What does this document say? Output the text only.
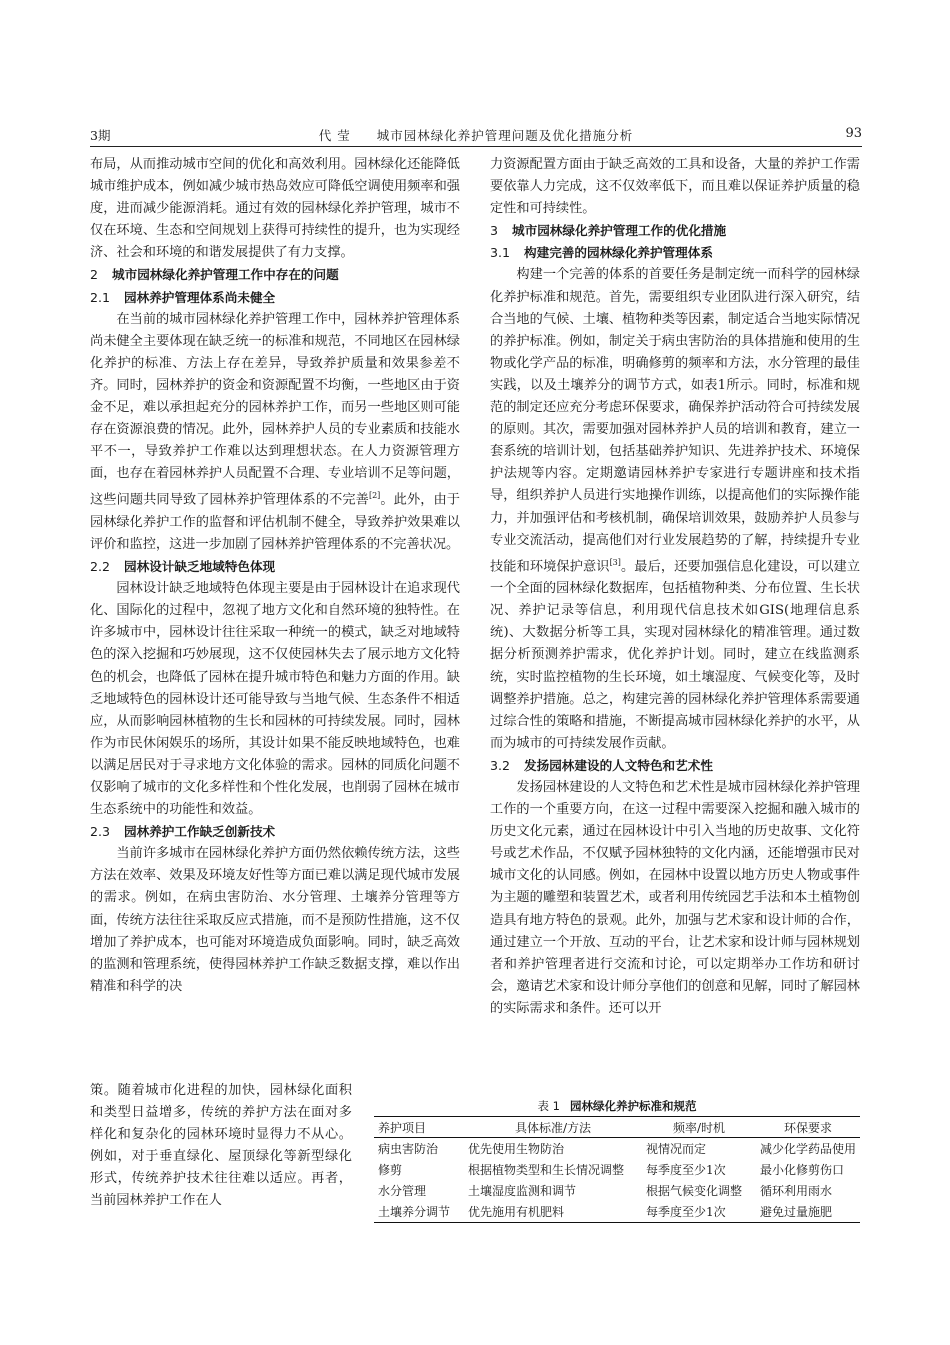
3期	代 莹 城市园林绿化养护管理问题及优化措施分析	93

布局，从而推动城市空间的优化和高效利用。园林绿化还能降低城市维护成本，例如减少城市热岛效应可降低空调使用频率和强度，进而减少能源消耗。通过有效的园林绿化养护管理，城市不仅在环境、生态和空间规划上获得可持续性的提升，也为实现经济、社会和环境的和谐发展提供了有力支撑。

2 城市园林绿化养护管理工作中存在的问题
2.1 园林养护管理体系尚未健全

在当前的城市园林绿化养护管理工作中，园林养护管理体系尚未健全主要体现在缺乏统一的标准和规范，不同地区在园林绿化养护的标准、方法上存在差异，导致养护质量和效果参差不齐。同时，园林养护的资金和资源配置不均衡，一些地区由于资金不足，难以承担起充分的园林养护工作，而另一些地区则可能存在资源浪费的情况。此外，园林养护人员的专业素质和技能水平不一，导致养护工作难以达到理想状态。在人力资源管理方面，也存在着园林养护人员配置不合理、专业培训不足等问题，这些问题共同导致了园林养护管理体系的不完善[2]。此外，由于园林绿化养护工作的监督和评估机制不健全，导致养护效果难以评价和监控，这进一步加剧了园林养护管理体系的不完善状况。

2.2 园林设计缺乏地域特色体现

园林设计缺乏地域特色体现主要是由于园林设计在追求现代化、国际化的过程中，忽视了地方文化和自然环境的独特性。在许多城市中，园林设计往往采取一种统一的模式，缺乏对地域特色的深入挖掘和巧妙展现，这不仅使园林失去了展示地方文化特色的机会，也降低了园林在提升城市特色和魅力方面的作用。缺乏地域特色的园林设计还可能导致与当地气候、生态条件不相适应，从而影响园林植物的生长和园林的可持续发展。同时，园林作为市民休闲娱乐的场所，其设计如果不能反映地域特色，也难以满足居民对于寻求地方文化体验的需求。园林的同质化问题不仅影响了城市的文化多样性和个性化发展，也削弱了园林在城市生态系统中的功能性和效益。

2.3 园林养护工作缺乏创新技术

当前许多城市在园林绿化养护方面仍然依赖传统方法，这些方法在效率、效果及环境友好性等方面已难以满足现代城市发展的需求。例如，在病虫害防治、水分管理、土壤养分管理等方面，传统方法往往采取反应式措施，而不是预防性措施，这不仅增加了养护成本，也可能对环境造成负面影响。同时，缺乏高效的监测和管理系统，使得园林养护工作缺乏数据支撑，难以作出精准和科学的决

策。随着城市化进程的加快，园林绿化面积和类型日益增多，传统的养护方法在面对多样化和复杂化的园林环境时显得力不从心。例如，对于垂直绿化、屋顶绿化等新型绿化形式，传统养护技术往往难以适应。再者，当前园林养护工作在人

力资源配置方面由于缺乏高效的工具和设备，大量的养护工作需要依靠人力完成，这不仅效率低下，而且难以保证养护质量的稳定性和可持续性。

3 城市园林绿化养护管理工作的优化措施
3.1 构建完善的园林绿化养护管理体系

构建一个完善的体系的首要任务是制定统一而科学的园林绿化养护标准和规范。首先，需要组织专业团队进行深入研究，结合当地的气候、土壤、植物种类等因素，制定适合当地实际情况的养护标准。例如，制定关于病虫害防治的具体措施和使用的生物或化学产品的标准，明确修剪的频率和方法，水分管理的最佳实践，以及土壤养分的调节方式，如表1所示。同时，标准和规范的制定还应充分考虑环保要求，确保养护活动符合可持续发展的原则。其次，需要加强对园林养护人员的培训和教育，建立一套系统的培训计划，包括基础养护知识、先进养护技术、环境保护法规等内容。定期邀请园林养护专家进行专题讲座和技术指导，组织养护人员进行实地操作训练，以提高他们的实际操作能力，并加强评估和考核机制，确保培训效果，鼓励养护人员参与专业交流活动，提高他们对行业发展趋势的了解，持续提升专业技能和环境保护意识[3]。最后，还要加强信息化建设，可以建立一个全面的园林绿化数据库，包括植物种类、分布位置、生长状况、养护记录等信息，利用现代信息技术如GIS(地理信息系统)、大数据分析等工具，实现对园林绿化的精准管理。通过数据分析预测养护需求，优化养护计划。同时，建立在线监测系统，实时监控植物的生长环境，如土壤湿度、气候变化等，及时调整养护措施。总之，构建完善的园林绿化养护管理体系需要通过综合性的策略和措施，不断提高城市园林绿化养护的水平，从而为城市的可持续发展作贡献。

3.2 发扬园林建设的人文特色和艺术性

发扬园林建设的人文特色和艺术性是城市园林绿化养护管理工作的一个重要方向，在这一过程中需要深入挖掘和融入城市的历史文化元素，通过在园林设计中引入当地的历史故事、文化符号或艺术作品，不仅赋予园林独特的文化内涵，还能增强市民对城市文化的认同感。例如，在园林中设置以地方历史人物或事件为主题的雕塑和装置艺术，或者利用传统园艺手法和本土植物创造具有地方特色的景观。此外，加强与艺术家和设计师的合作，通过建立一个开放、互动的平台，让艺术家和设计师与园林规划者和养护管理者进行交流和讨论，可以定期举办工作坊和研讨会，邀请艺术家和设计师分享他们的创意和见解，同时了解园林的实际需求和条件。还可以开

表 1 园林绿化养护标准和规范
养护项目	具体标准/方法	频率/时机	环保要求
病虫害防治	优先使用生物防治	视情况而定	减少化学药品使用
修剪	根据植物类型和生长情况调整	每季度至少1次	最小化修剪伤口
水分管理	土壤湿度监测和调节	根据气候变化调整	循环利用雨水
土壤养分调节	优先施用有机肥料	每季度至少1次	避免过量施肥
